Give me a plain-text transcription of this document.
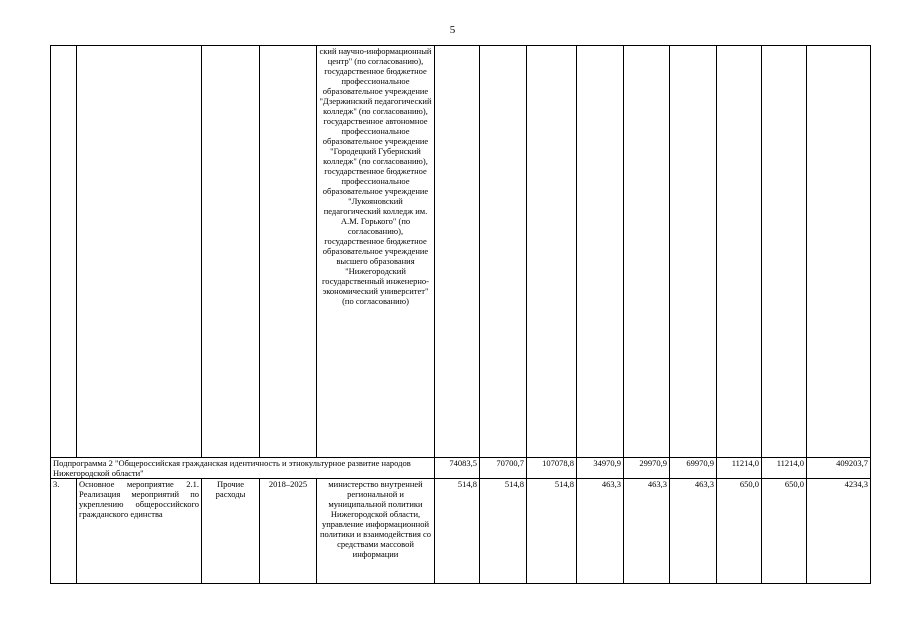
5
				ский научно-информационный центр" (по согласованию), государственное бюджетное профессиональное образовательное учреждение "Дзержинский педагогический колледж" (по согласованию), государственное автономное профессиональное образовательное учреждение "Городецкий Губернский колледж" (по согласованию), государственное бюджетное профессиональное образовательное учреждение "Лукояновский педагогический колледж им. А.М. Горького" (по согласованию), государственное бюджетное образовательное учреждение высшего образования "Нижегородский государственный инженерно-экономический университет" (по согласованию)									
Подпрограмма 2 "Общероссийская гражданская идентичность и этнокультурное развитие народов Нижегородской области"					74083,5	70700,7	107078,8	34970,9	29970,9	69970,9	11214,0	11214,0	409203,7
3.	Основное мероприятие 2.1. Реализация мероприятий по укреплению общероссийского гражданского единства	Прочие расходы	2018–2025	министерство внутренней региональной и муниципальной политики Нижегородской области, управление информационной политики и взаимодействия со средствами массовой информации	514,8	514,8	514,8	463,3	463,3	463,3	650,0	650,0	4234,3
